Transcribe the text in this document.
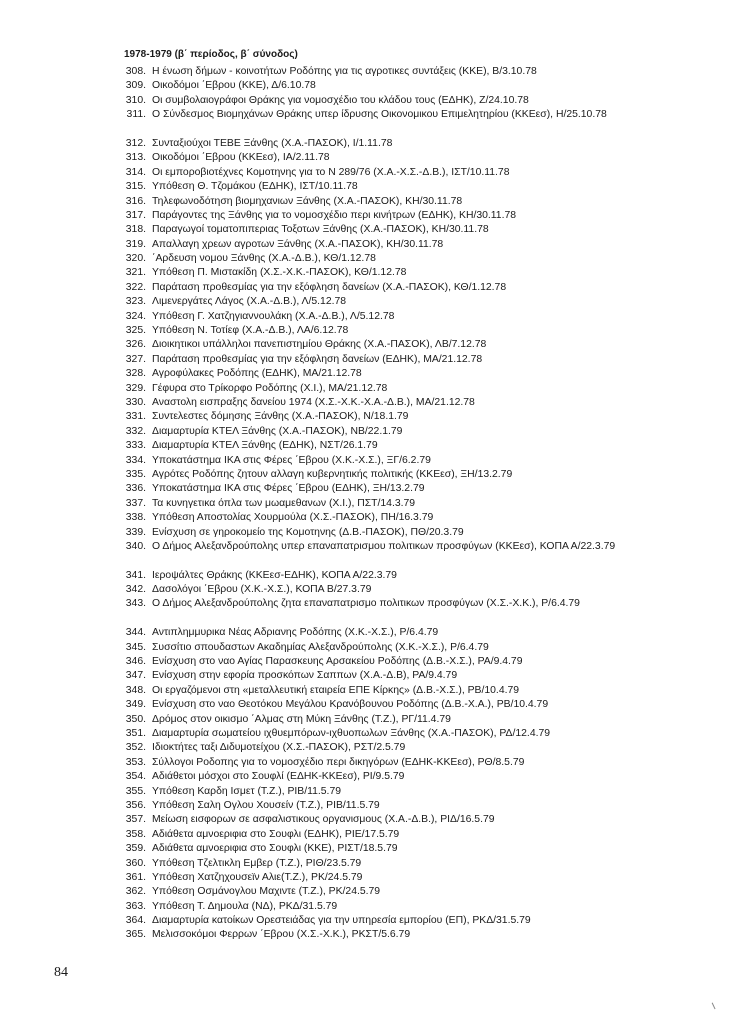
1978-1979 (β΄ περίοδος, β΄ σύνοδος)
308. Η ένωση δήμων - κοινοτήτων Ροδόπης για τις αγροτικες συντάξεις (ΚΚΕ), Β/3.10.78
309. Οικοδόμοι ΄Εβρου (ΚΚΕ), Δ/6.10.78
310. Οι συμβολαιογράφοι Θράκης για νομοσχέδιο του κλάδου τους (ΕΔΗΚ), Ζ/24.10.78
311. Ο Σύνδεσμος Βιομηχάνων Θράκης υπερ ίδρυσης Οικονομικου Επιμελητηρίου (ΚΚΕεσ), Η/25.10.78
312. Συνταξιούχοι ΤΕΒΕ Ξάνθης (Χ.Α.-ΠΑΣΟΚ), Ι/1.11.78
313. Οικοδόμοι ΄Εβρου (ΚΚΕεσ), ΙΑ/2.11.78
314. Οι εμποροβιοτέχνες Κομοτηνης για το Ν 289/76 (Χ.Α.-Χ.Σ.-Δ.Β.), ΙΣΤ/10.11.78
315. Υπόθεση Θ. Τζομάκου (ΕΔΗΚ), ΙΣΤ/10.11.78
316. Τηλεφωνοδότηση βιομηχανιων Ξάνθης (Χ.Α.-ΠΑΣΟΚ), ΚΗ/30.11.78
317. Παράγοντες της Ξάνθης για το νομοσχέδιο περι κινήτρων (ΕΔΗΚ), ΚΗ/30.11.78
318. Παραγωγοί τοματοπιπεριας Τοξοτων Ξάνθης (Χ.Α.-ΠΑΣΟΚ), ΚΗ/30.11.78
319. Απαλλαγη χρεων αγροτων Ξάνθης (Χ.Α.-ΠΑΣΟΚ), ΚΗ/30.11.78
320. ΄Αρδευση νομου Ξάνθης (Χ.Α.-Δ.Β.), ΚΘ/1.12.78
321. Υπόθεση Π. Μιστακίδη (Χ.Σ.-Χ.Κ.-ΠΑΣΟΚ), ΚΘ/1.12.78
322. Παράταση προθεσμίας για την εξόφληση δανείων (Χ.Α.-ΠΑΣΟΚ), ΚΘ/1.12.78
323. Λιμενεργάτες Λάγος (Χ.Α.-Δ.Β.), Λ/5.12.78
324. Υπόθεση Γ. Χατζηγιαννουλάκη (Χ.Α.-Δ.Β.), Λ/5.12.78
325. Υπόθεση Ν. Τοτίεφ (Χ.Α.-Δ.Β.), ΛΑ/6.12.78
326. Διοικητικοι υπάλληλοι πανεπιστημίου Θράκης (Χ.Α.-ΠΑΣΟΚ), ΛΒ/7.12.78
327. Παράταση προθεσμίας για την εξόφληση δανείων (ΕΔΗΚ), ΜΑ/21.12.78
328. Αγροφύλακες Ροδόπης (ΕΔΗΚ), ΜΑ/21.12.78
329. Γέφυρα στο Τρίκορφο Ροδόπης (Χ.Ι.), ΜΑ/21.12.78
330. Αναστολη εισπραξης δανείου 1974 (Χ.Σ.-Χ.Κ.-Χ.Α.-Δ.Β.), ΜΑ/21.12.78
331. Συντελεστες δόμησης Ξάνθης (Χ.Α.-ΠΑΣΟΚ), Ν/18.1.79
332. Διαμαρτυρία ΚΤΕΛ Ξάνθης (Χ.Α.-ΠΑΣΟΚ), ΝΒ/22.1.79
333. Διαμαρτυρία ΚΤΕΛ Ξάνθης (ΕΔΗΚ), ΝΣΤ/26.1.79
334. Υποκατάστημα ΙΚΑ στις Φέρες ΄Εβρου (Χ.Κ.-Χ.Σ.), ΞΓ/6.2.79
335. Αγρότες Ροδόπης ζητουν αλλαγη κυβερνητικής πολιτικής (ΚΚΕεσ), ΞΗ/13.2.79
336. Υποκατάστημα ΙΚΑ στις Φέρες ΄Εβρου (ΕΔΗΚ), ΞΗ/13.2.79
337. Τα κυνηγετικα όπλα των μωαμεθανων (Χ.Ι.), ΠΣΤ/14.3.79
338. Υπόθεση Αποστολίας Χουρμούλα (Χ.Σ.-ΠΑΣΟΚ), ΠΗ/16.3.79
339. Ενίσχυση σε γηροκομείο της Κομοτηνης (Δ.Β.-ΠΑΣΟΚ), ΠΘ/20.3.79
340. Ο Δήμος Αλεξανδρούπολης υπερ επαναπατρισμου πολιτικων προσφύγων (ΚΚΕεσ), ΚΟΠΑ Α/22.3.79
341. Ιεροψάλτες Θράκης (ΚΚΕεσ-ΕΔΗΚ), ΚΟΠΑ Α/22.3.79
342. Δασολόγοι ΄Εβρου (Χ.Κ.-Χ.Σ.), ΚΟΠΑ Β/27.3.79
343. Ο Δήμος Αλεξανδρούπολης ζητα επαναπατρισμο πολιτικων προσφύγων (Χ.Σ.-Χ.Κ.), Ρ/6.4.79
344. Αντιπλημμυρικα Νέας Αδριανης Ροδόπης (Χ.Κ.-Χ.Σ.), Ρ/6.4.79
345. Συσσίτιο σπουδαστων Ακαδημίας Αλεξανδρούπολης (Χ.Κ.-Χ.Σ.), Ρ/6.4.79
346. Ενίσχυση στο ναο Αγίας Παρασκευης Αρσακείου Ροδόπης (Δ.Β.-Χ.Σ.), ΡΑ/9.4.79
347. Ενίσχυση στην εφορία προσκόπων Σαππων (Χ.Α.-Δ.Β), ΡΑ/9.4.79
348. Οι εργαζόμενοι στη «μεταλλευτική εταιρεία ΕΠΕ Κίρκης» (Δ.Β.-Χ.Σ.), ΡΒ/10.4.79
349. Ενίσχυση στο ναο Θεοτόκου Μεγάλου Κρανόβουνου Ροδόπης (Δ.Β.-Χ.Α.), ΡΒ/10.4.79
350. Δρόμος στον οικισμο ΄Αλμας στη Μύκη Ξάνθης (Τ.Ζ.), ΡΓ/11.4.79
351. Διαμαρτυρία σωματείου ιχθυεμπόρων-ιχθυοπωλων Ξάνθης (Χ.Α.-ΠΑΣΟΚ), ΡΔ/12.4.79
352. Ιδιοκτήτες ταξι Διδυμοτείχου (Χ.Σ.-ΠΑΣΟΚ), ΡΣΤ/2.5.79
353. Σύλλογοι Ροδοπης για το νομοσχέδιο περι δικηγόρων (ΕΔΗΚ-ΚΚΕεσ), ΡΘ/8.5.79
354. Αδιάθετοι μόσχοι στο Σουφλί (ΕΔΗΚ-ΚΚΕεσ), ΡΙ/9.5.79
355. Υπόθεση Καρδη Ισμετ (Τ.Ζ.), ΡΙΒ/11.5.79
356. Υπόθεση Σαλη Ογλου Χουσείν (Τ.Ζ.), ΡΙΒ/11.5.79
357. Μείωση εισφορων σε ασφαλιστικους οργανισμους (Χ.Α.-Δ.Β.), ΡΙΔ/16.5.79
358. Αδιάθετα αμνοεριφια στο Σουφλι (ΕΔΗΚ), ΡΙΕ/17.5.79
359. Αδιάθετα αμνοεριφια στο Σουφλι (ΚΚΕ), ΡΙΣΤ/18.5.79
360. Υπόθεση Τζελτικλη Εμβερ (Τ.Ζ.), ΡΙΘ/23.5.79
361. Υπόθεση Χατζηχουσεϊν Αλιε(Τ.Ζ.), ΡΚ/24.5.79
362. Υπόθεση Οσμάνογλου Μαχιντε (Τ.Ζ.), ΡΚ/24.5.79
363. Υπόθεση Τ. Δημουλα (ΝΔ), ΡΚΔ/31.5.79
364. Διαμαρτυρία κατοίκων Ορεστειάδας για την υπηρεσία εμπορίου (ΕΠ), ΡΚΔ/31.5.79
365. Μελισσοκόμοι Φερρων ΄Εβρου (Χ.Σ.-Χ.Κ.), ΡΚΣΤ/5.6.79
84
